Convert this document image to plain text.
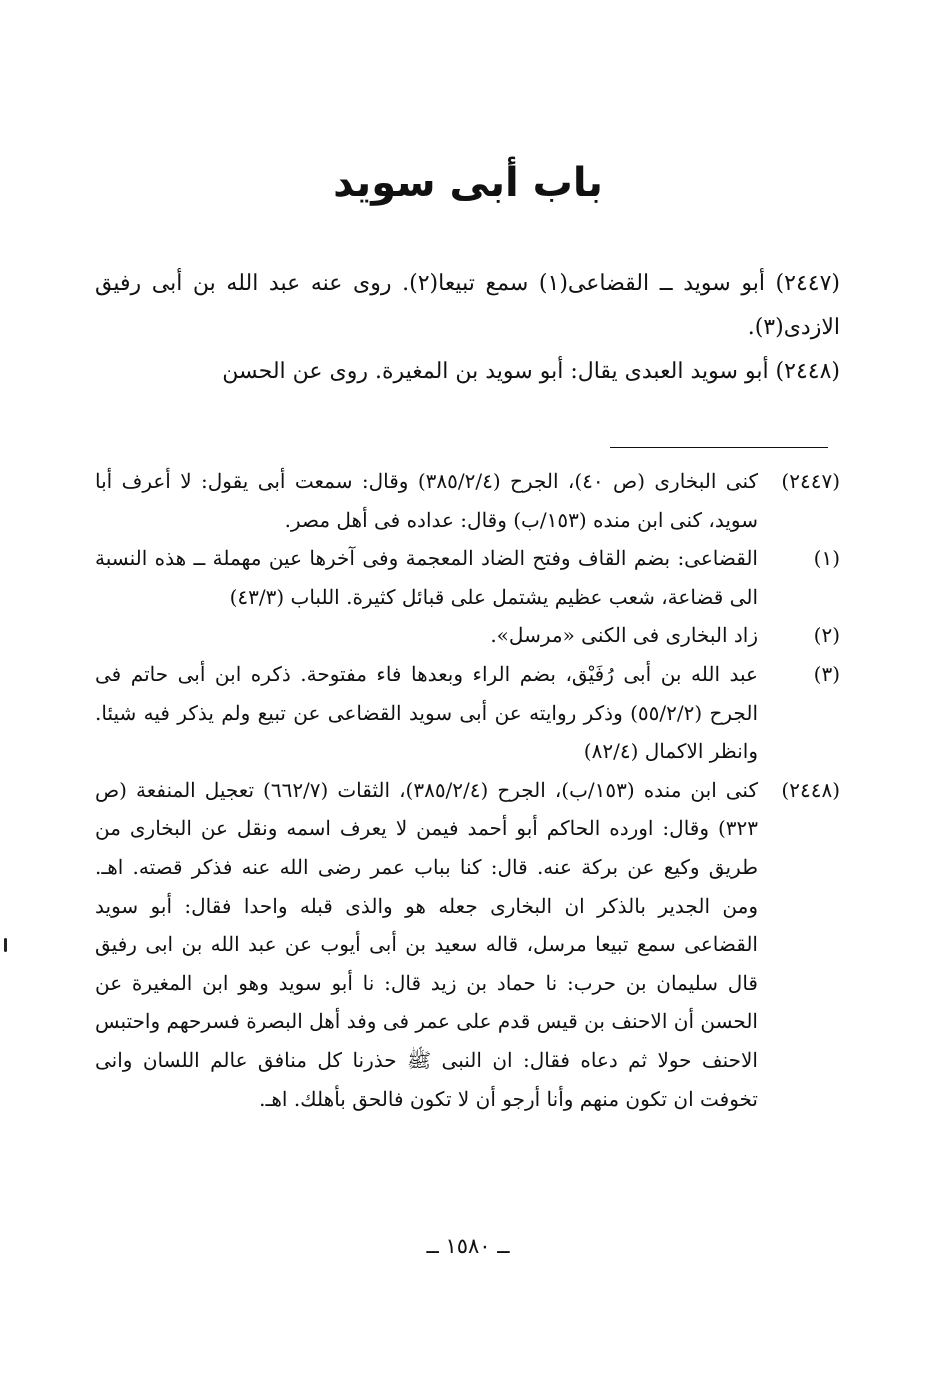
باب أبى سويد

(٢٤٤٧) أبو سويد ــ القضاعى(١) سمع تبيعا(٢). روى عنه عبد الله بن أبى رفيق الازدى(٣).

(٢٤٤٨) أبو سويد العبدى يقال: أبو سويد بن المغيرة. روى عن الحسن

(٢٤٤٧)
كنى البخارى (ص ٤٠)، الجرح (٣٨٥/٢/٤) وقال: سمعت أبى يقول: لا أعرف أبا سويد، كنى ابن منده (١٥٣/ب) وقال: عداده فى أهل مصر.
(١)
القضاعى: بضم القاف وفتح الضاد المعجمة وفى آخرها عين مهملة ــ هذه النسبة الى قضاعة، شعب عظيم يشتمل على قبائل كثيرة. اللباب (٤٣/٣)
(٢)
زاد البخارى فى الكنى «مرسل».
(٣)
عبد الله بن أبى رُفَيْق، بضم الراء وبعدها فاء مفتوحة. ذكره ابن أبى حاتم فى الجرح (٥٥/٢/٢) وذكر روايته عن أبى سويد القضاعى عن تبيع ولم يذكر فيه شيئا. وانظر الاكمال (٨٢/٤)
(٢٤٤٨)
كنى ابن منده (١٥٣/ب)، الجرح (٣٨٥/٢/٤)، الثقات (٦٦٢/٧) تعجيل المنفعة (ص ٣٢٣) وقال: اورده الحاكم أبو أحمد فيمن لا يعرف اسمه ونقل عن البخارى من طريق وكيع عن بركة عنه. قال: كنا بباب عمر رضى الله عنه فذكر قصته. اهـ. ومن الجدير بالذكر ان البخارى جعله هو والذى قبله واحدا فقال: أبو سويد القضاعى سمع تبيعا مرسل، قاله سعيد بن أبى أيوب عن عبد الله بن ابى رفيق قال سليمان بن حرب: نا حماد بن زيد قال: نا أبو سويد وهو ابن المغيرة عن الحسن أن الاحنف بن قيس قدم على عمر فى وفد أهل البصرة فسرحهم واحتبس الاحنف حولا ثم دعاه فقال: ان النبى ﷺ حذرنا كل منافق عالم اللسان وانى تخوفت ان تكون منهم وأنا أرجو أن لا تكون فالحق بأهلك. اهـ.
ــ ١٥٨٠ ــ
